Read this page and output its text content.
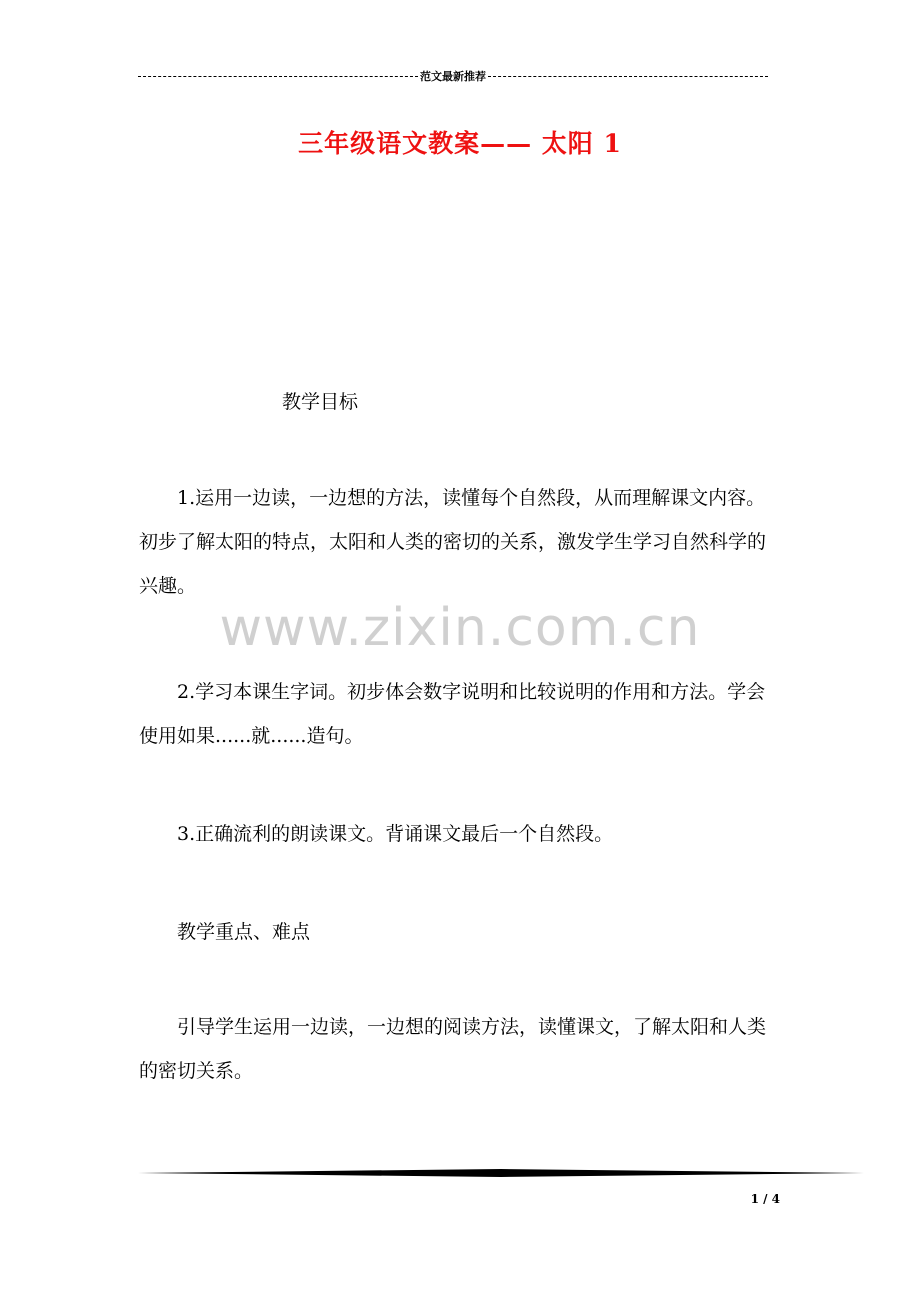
范文最新推荐
三年级语文教案—— 太阳 1
教学目标

1.运用一边读，一边想的方法，读懂每个自然段，从而理解课文内容。初步了解太阳的特点，太阳和人类的密切的关系，激发学生学习自然科学的兴趣。

www.zixin.com.cn

2.学习本课生字词。初步体会数字说明和比较说明的作用和方法。学会使用如果......就......造句。

3.正确流利的朗读课文。背诵课文最后一个自然段。

教学重点、难点

引导学生运用一边读，一边想的阅读方法，读懂课文，了解太阳和人类的密切关系。

1 / 4
